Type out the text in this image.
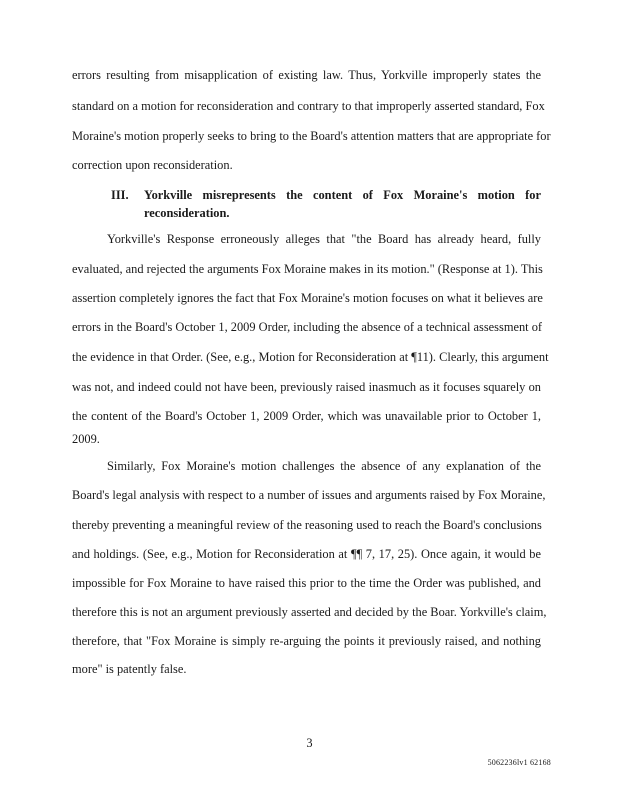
errors resulting from misapplication of existing law. Thus, Yorkville improperly states the

standard on a motion for reconsideration and contrary to that improperly asserted standard, Fox

Moraine's motion properly seeks to bring to the Board's attention matters that are appropriate for

correction upon reconsideration.

III. Yorkville misrepresents the content of Fox Moraine's motion for
reconsideration.

Yorkville's Response erroneously alleges that "the Board has already heard, fully

evaluated, and rejected the arguments Fox Moraine makes in its motion." (Response at 1). This

assertion completely ignores the fact that Fox Moraine's motion focuses on what it believes are

errors in the Board's October 1, 2009 Order, including the absence of a technical assessment of

the evidence in that Order. (See, e.g., Motion for Reconsideration at ¶11). Clearly, this argument

was not, and indeed could not have been, previously raised inasmuch as it focuses squarely on

the content of the Board's October 1, 2009 Order, which was unavailable prior to October 1,

2009.

Similarly, Fox Moraine's motion challenges the absence of any explanation of the

Board's legal analysis with respect to a number of issues and arguments raised by Fox Moraine,

thereby preventing a meaningful review of the reasoning used to reach the Board's conclusions

and holdings. (See, e.g., Motion for Reconsideration at ¶¶ 7, 17, 25). Once again, it would be

impossible for Fox Moraine to have raised this prior to the time the Order was published, and

therefore this is not an argument previously asserted and decided by the Boar. Yorkville's claim,

therefore, that "Fox Moraine is simply re-arguing the points it previously raised, and nothing

more" is patently false.

3
5062236lv1 62168
